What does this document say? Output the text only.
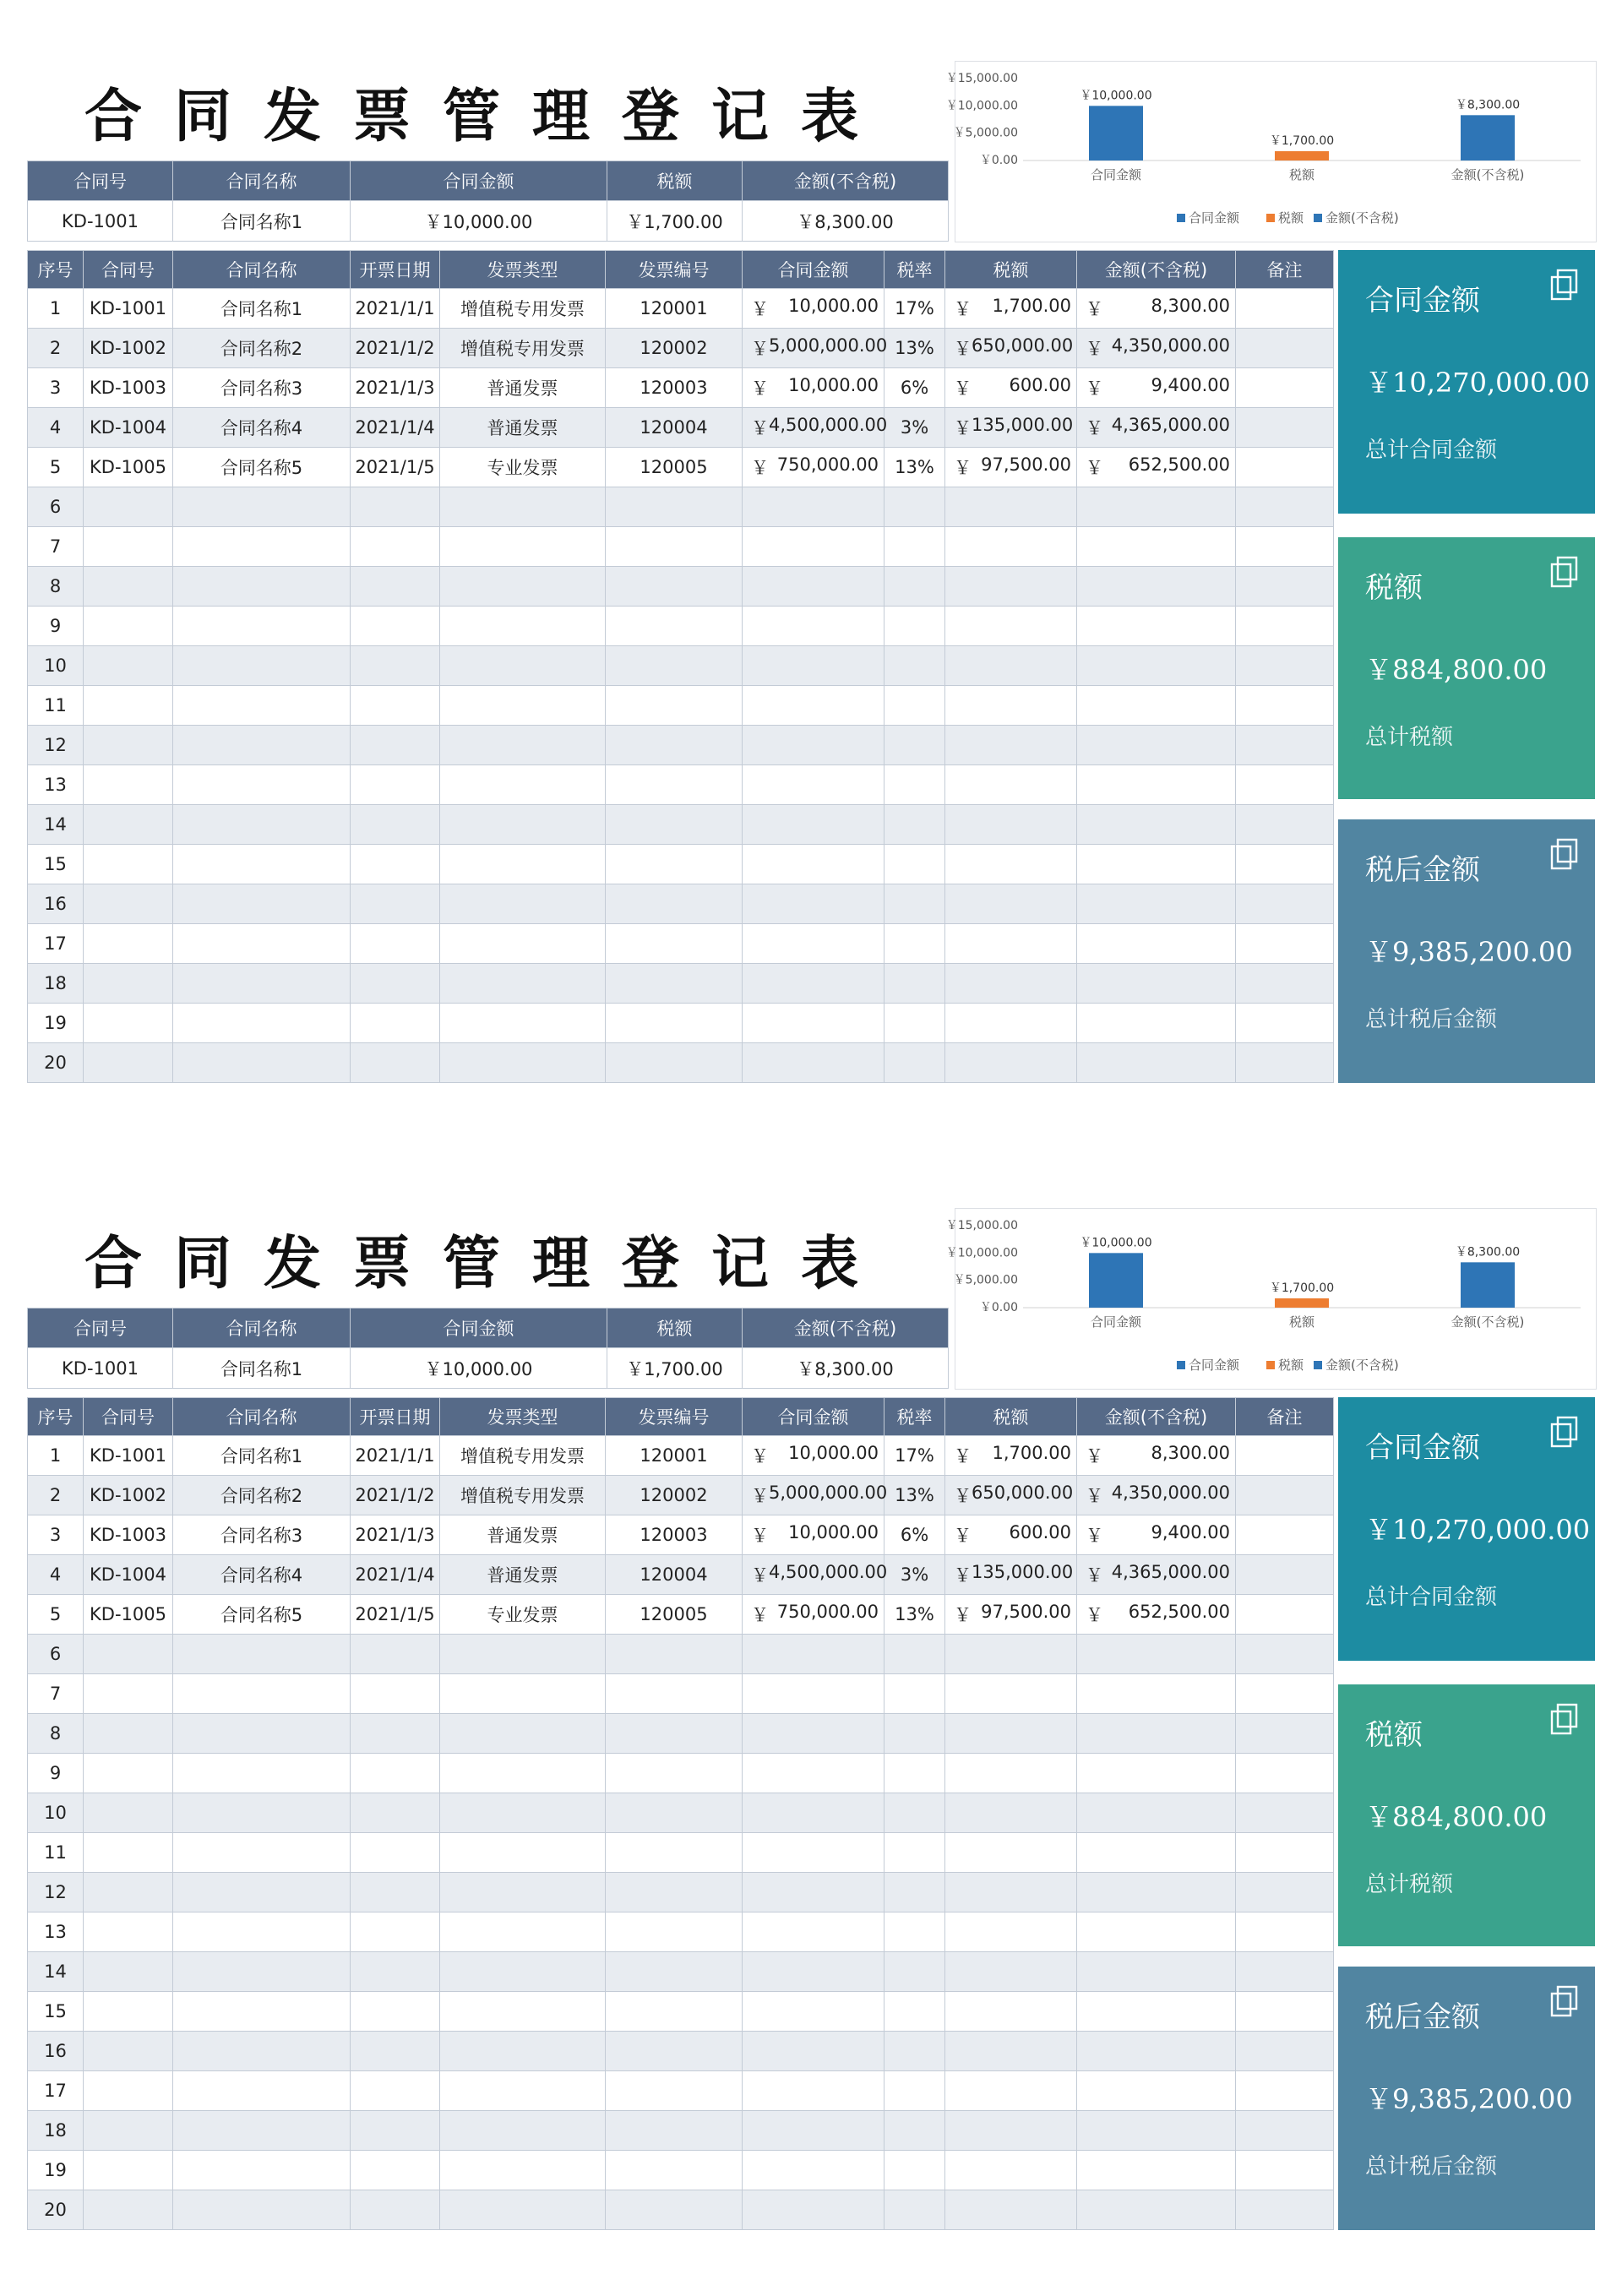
合同发票管理登记表
￥0.00
￥5,000.00
￥10,000.00
￥15,000.00
￥10,000.00
合同金额
￥1,700.00
税额
￥8,300.00
金额(不含税)
合同金额	税额 金额(不含税)
合同号	合同名称	合同金额	税额	金额(不含税)
KD-1001	合同名称1	￥10,000.00	￥1,700.00	￥8,300.00
序号	合同号	合同名称	开票日期	发票类型	发票编号	合同金额	税率	税额	金额(不含税)	备注
1	KD-1001	合同名称1	2021/1/1	增值税专用发票	120001	￥ 10,000.00	17%	￥ 1,700.00	￥ 8,300.00	

2	KD-1002	合同名称2	2021/1/2	增值税专用发票	120002	￥ 5,000,000.00	13%	￥ 650,000.00	￥ 4,350,000.00	

3	KD-1003	合同名称3	2021/1/3	普通发票	120003	￥ 10,000.00	6%	￥ 600.00	￥ 9,400.00	

4	KD-1004	合同名称4	2021/1/4	普通发票	120004	￥ 4,500,000.00	3%	￥ 135,000.00	￥ 4,365,000.00	

5	KD-1005	合同名称5	2021/1/5	专业发票	120005	￥ 750,000.00	13%	￥ 97,500.00	￥ 652,500.00	

6										
7										
8										
9										
10										
11										
12										
13										
14										
15										
16										
17										
18										
19										
20										
合同金额
￥10,270,000.00
总计合同金额
税额
￥884,800.00
总计税额
税后金额
￥9,385,200.00
总计税后金额
合同发票管理登记表
￥0.00
￥5,000.00
￥10,000.00
￥15,000.00
￥10,000.00
合同金额
￥1,700.00
税额
￥8,300.00
金额(不含税)
合同金额	税额 金额(不含税)
合同号	合同名称	合同金额	税额	金额(不含税)
KD-1001	合同名称1	￥10,000.00	￥1,700.00	￥8,300.00
序号	合同号	合同名称	开票日期	发票类型	发票编号	合同金额	税率	税额	金额(不含税)	备注
1	KD-1001	合同名称1	2021/1/1	增值税专用发票	120001	￥ 10,000.00	17%	￥ 1,700.00	￥ 8,300.00	

2	KD-1002	合同名称2	2021/1/2	增值税专用发票	120002	￥ 5,000,000.00	13%	￥ 650,000.00	￥ 4,350,000.00	

3	KD-1003	合同名称3	2021/1/3	普通发票	120003	￥ 10,000.00	6%	￥ 600.00	￥ 9,400.00	

4	KD-1004	合同名称4	2021/1/4	普通发票	120004	￥ 4,500,000.00	3%	￥ 135,000.00	￥ 4,365,000.00	

5	KD-1005	合同名称5	2021/1/5	专业发票	120005	￥ 750,000.00	13%	￥ 97,500.00	￥ 652,500.00	

6										
7										
8										
9										
10										
11										
12										
13										
14										
15										
16										
17										
18										
19										
20										
合同金额
￥10,270,000.00
总计合同金额
税额
￥884,800.00
总计税额
税后金额
￥9,385,200.00
总计税后金额
